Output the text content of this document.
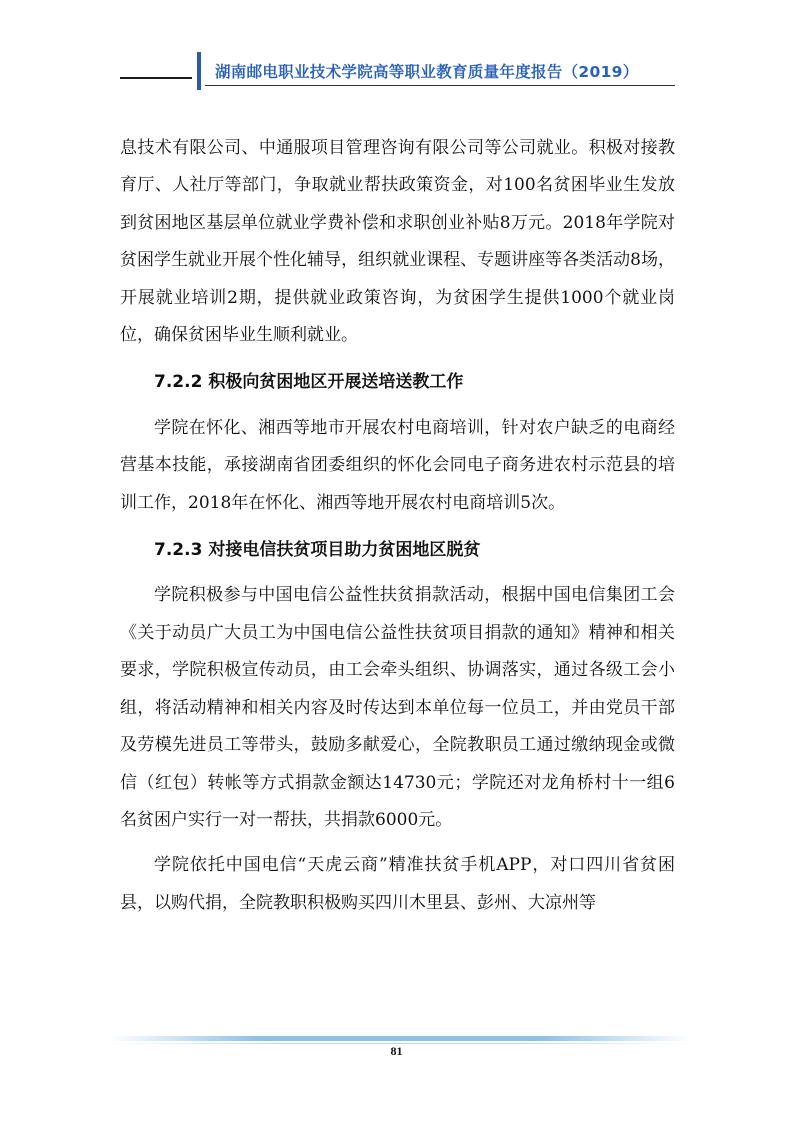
湖南邮电职业技术学院高等职业教育质量年度报告（2019）

息技术有限公司、中通服项目管理咨询有限公司等公司就业。积极对接教育厅、人社厅等部门，争取就业帮扶政策资金，对100名贫困毕业生发放到贫困地区基层单位就业学费补偿和求职创业补贴8万元。2018年学院对贫困学生就业开展个性化辅导，组织就业课程、专题讲座等各类活动8场，开展就业培训2期，提供就业政策咨询，为贫困学生提供1000个就业岗位，确保贫困毕业生顺利就业。

7.2.2 积极向贫困地区开展送培送教工作

学院在怀化、湘西等地市开展农村电商培训，针对农户缺乏的电商经营基本技能，承接湖南省团委组织的怀化会同电子商务进农村示范县的培训工作，2018年在怀化、湘西等地开展农村电商培训5次。

7.2.3 对接电信扶贫项目助力贫困地区脱贫

学院积极参与中国电信公益性扶贫捐款活动，根据中国电信集团工会《关于动员广大员工为中国电信公益性扶贫项目捐款的通知》精神和相关要求，学院积极宣传动员，由工会牵头组织、协调落实，通过各级工会小组，将活动精神和相关内容及时传达到本单位每一位员工，并由党员干部及劳模先进员工等带头，鼓励多献爱心，全院教职员工通过缴纳现金或微信（红包）转帐等方式捐款金额达14730元；学院还对龙角桥村十一组6名贫困户实行一对一帮扶，共捐款6000元。

学院依托中国电信“天虎云商”精准扶贫手机APP，对口四川省贫困县，以购代捐，全院教职积极购买四川木里县、彭州、大凉州等

81
